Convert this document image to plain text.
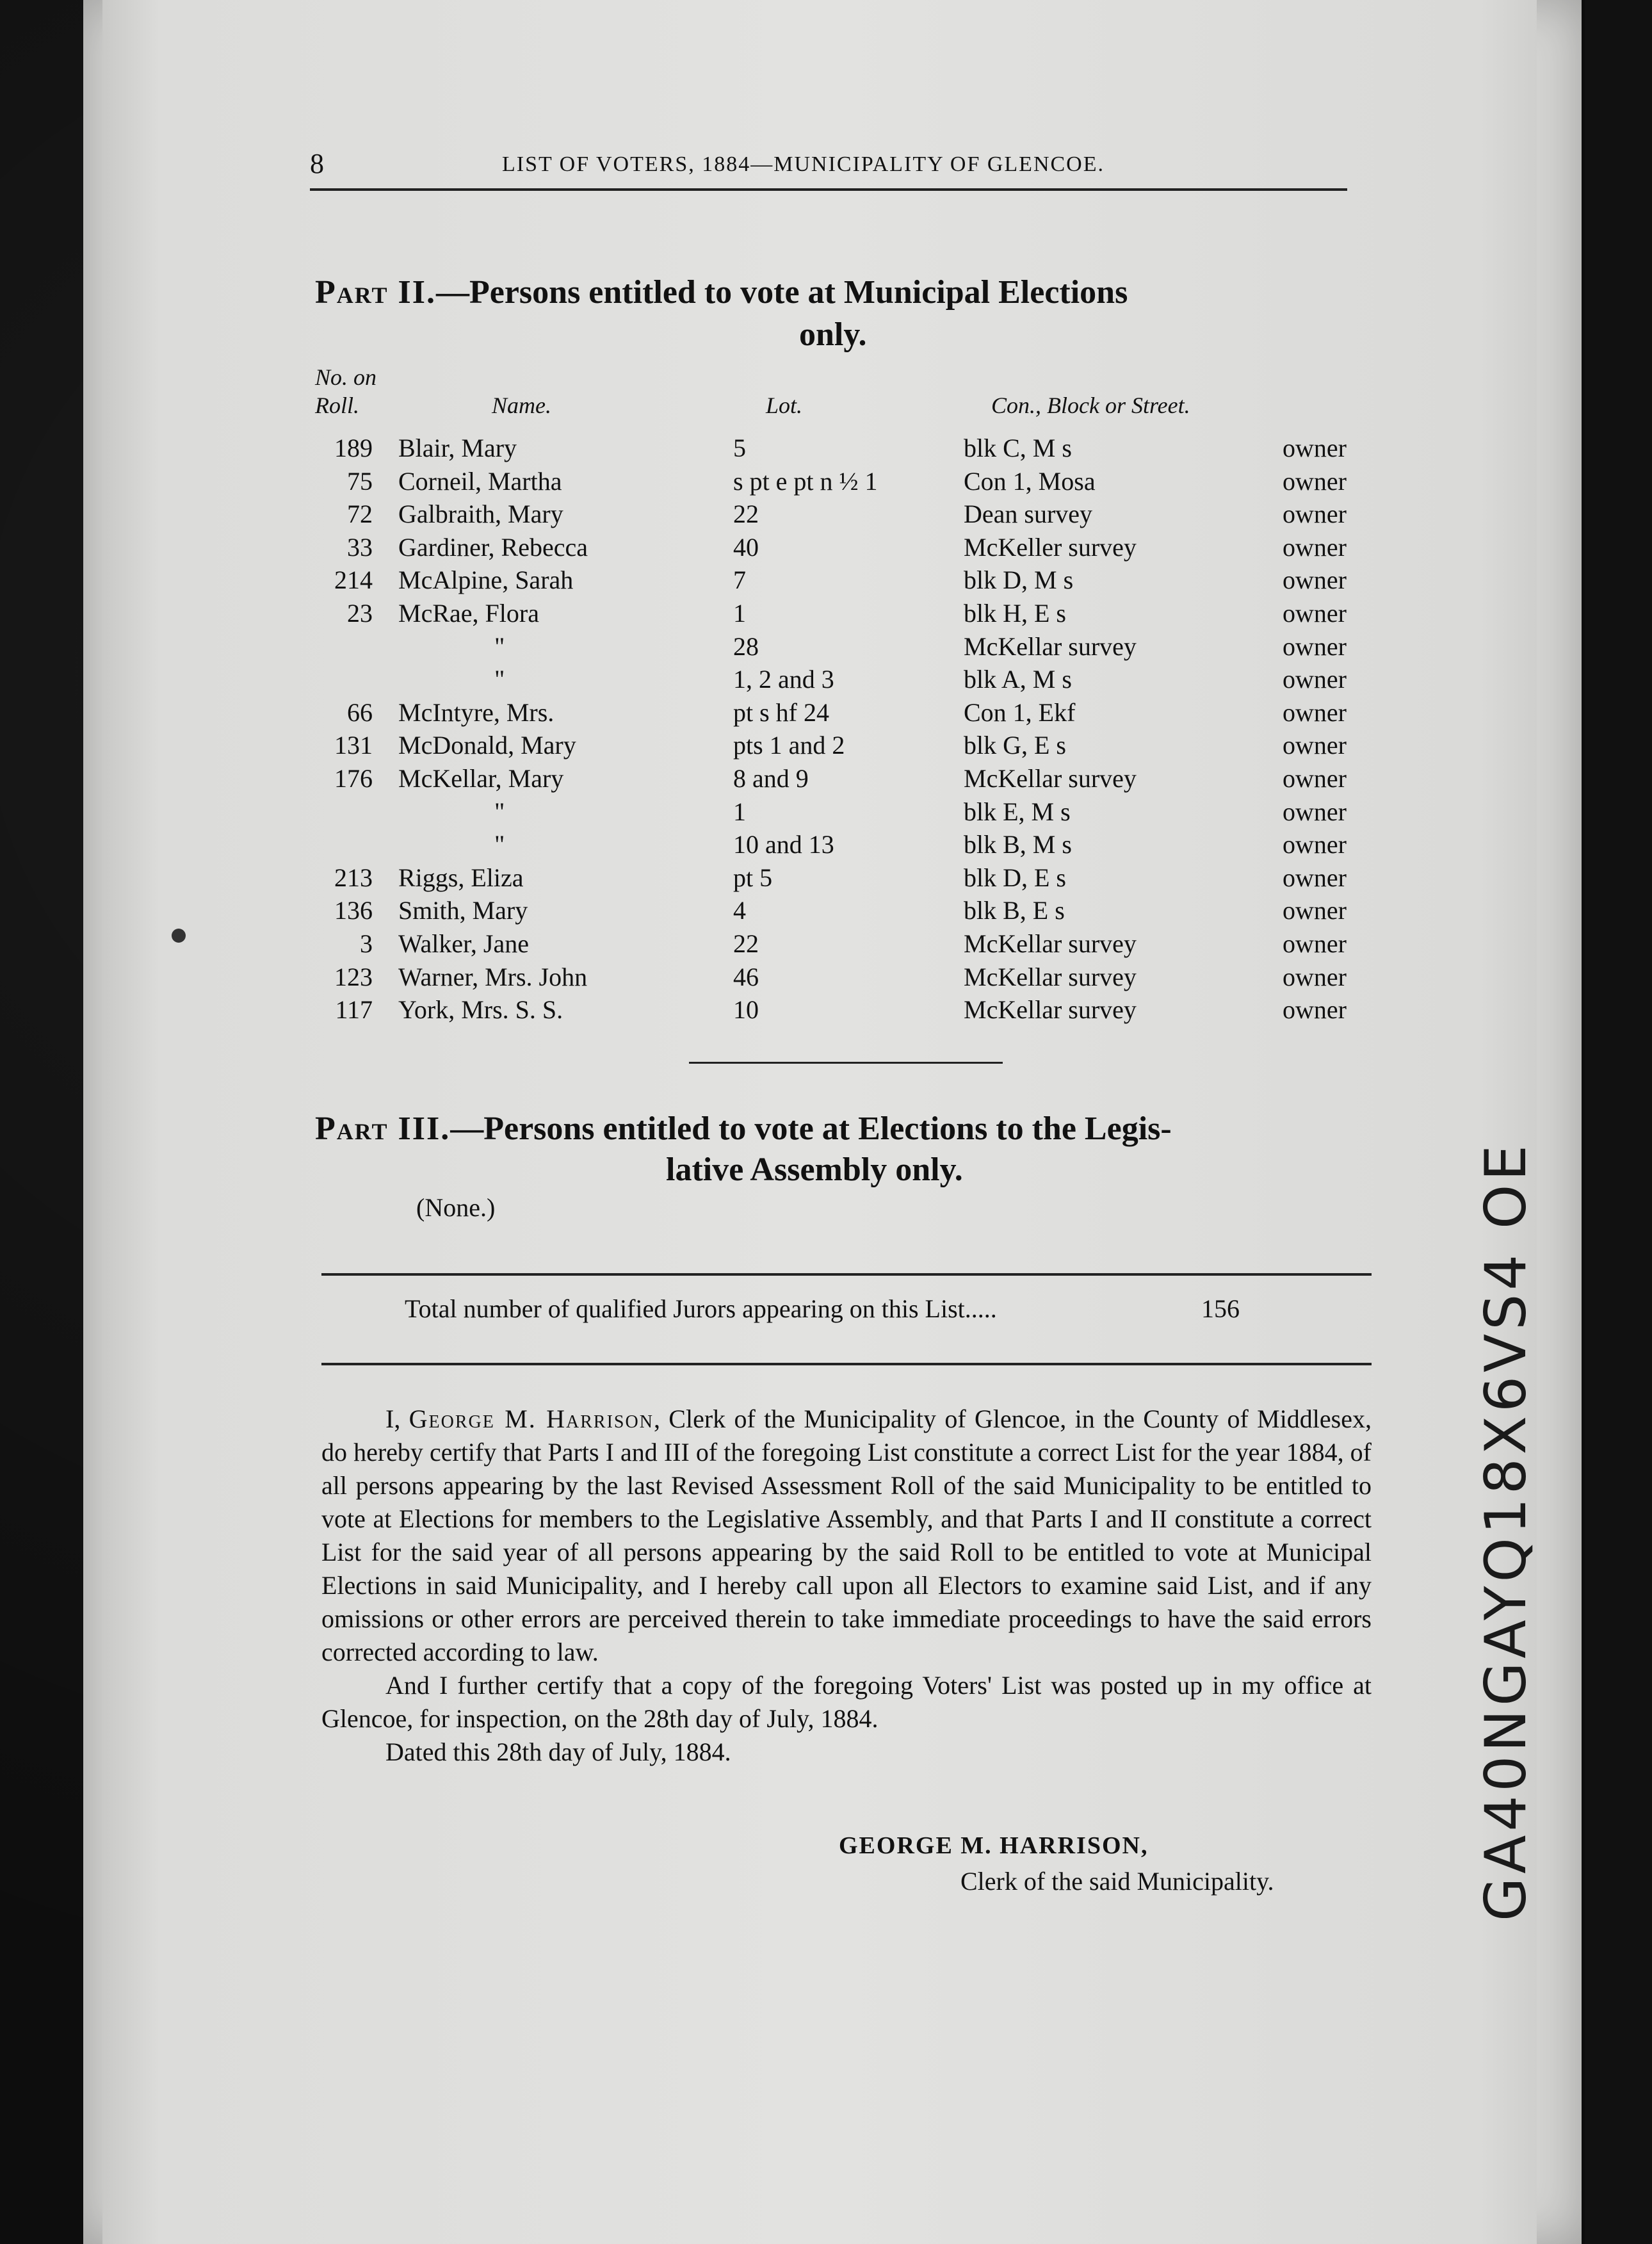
8	LIST OF VOTERS, 1884—MUNICIPALITY OF GLENCOE.
Part II.—Persons entitled to vote at Municipal Elections
only.
No. on
Roll.	Name.	Lot.	Con., Block or Street.
189 Blair, Mary	5	blk C, M s	owner
75 Corneil, Martha	s pt e pt n ½ 1	Con 1, Mosa	owner
72 Galbraith, Mary	22	Dean survey	owner
33 Gardiner, Rebecca	40	McKeller survey	owner
214 McAlpine, Sarah	7	blk D, M s	owner
23 McRae, Flora	1	blk H, E s	owner
"	28	McKellar survey	owner
"	1, 2 and 3	blk A, M s	owner
66 McIntyre, Mrs.	pt s hf 24	Con 1, Ekf	owner
131 McDonald, Mary	pts 1 and 2	blk G, E s	owner
176 McKellar, Mary	8 and 9	McKellar survey	owner
"	1	blk E, M s	owner
"	10 and 13	blk B, M s	owner
213 Riggs, Eliza	pt 5	blk D, E s	owner
136 Smith, Mary	4	blk B, E s	owner
3 Walker, Jane	22	McKellar survey	owner
123 Warner, Mrs. John	46	McKellar survey	owner
117 York, Mrs. S. S.	10	McKellar survey	owner
Part III.—Persons entitled to vote at Elections to the Legis-
lative Assembly only.
(None.)
Total number of qualified Jurors appearing on this List.....	156

I, George M. Harrison, Clerk of the Municipality of Glencoe, in the County of Middlesex, do hereby certify that Parts I and III of the foregoing List constitute a correct List for the year 1884, of all persons appearing by the last Revised Assessment Roll of the said Municipality to be entitled to vote at Elections for members to the Legislative Assembly, and that Parts I and II constitute a correct List for the said year of all persons appearing by the said Roll to be entitled to vote at Municipal Elections in said Municipality, and I hereby call upon all Electors to examine said List, and if any omissions or other errors are perceived therein to take immediate proceedings to have the said errors corrected according to law.

And I further certify that a copy of the foregoing Voters' List was posted up in my office at Glencoe, for inspection, on the 28th day of July, 1884.

Dated this 28th day of July, 1884.

GEORGE M. HARRISON,
Clerk of the said Municipality.	GA40NGAYQ18X6VS4 OE
